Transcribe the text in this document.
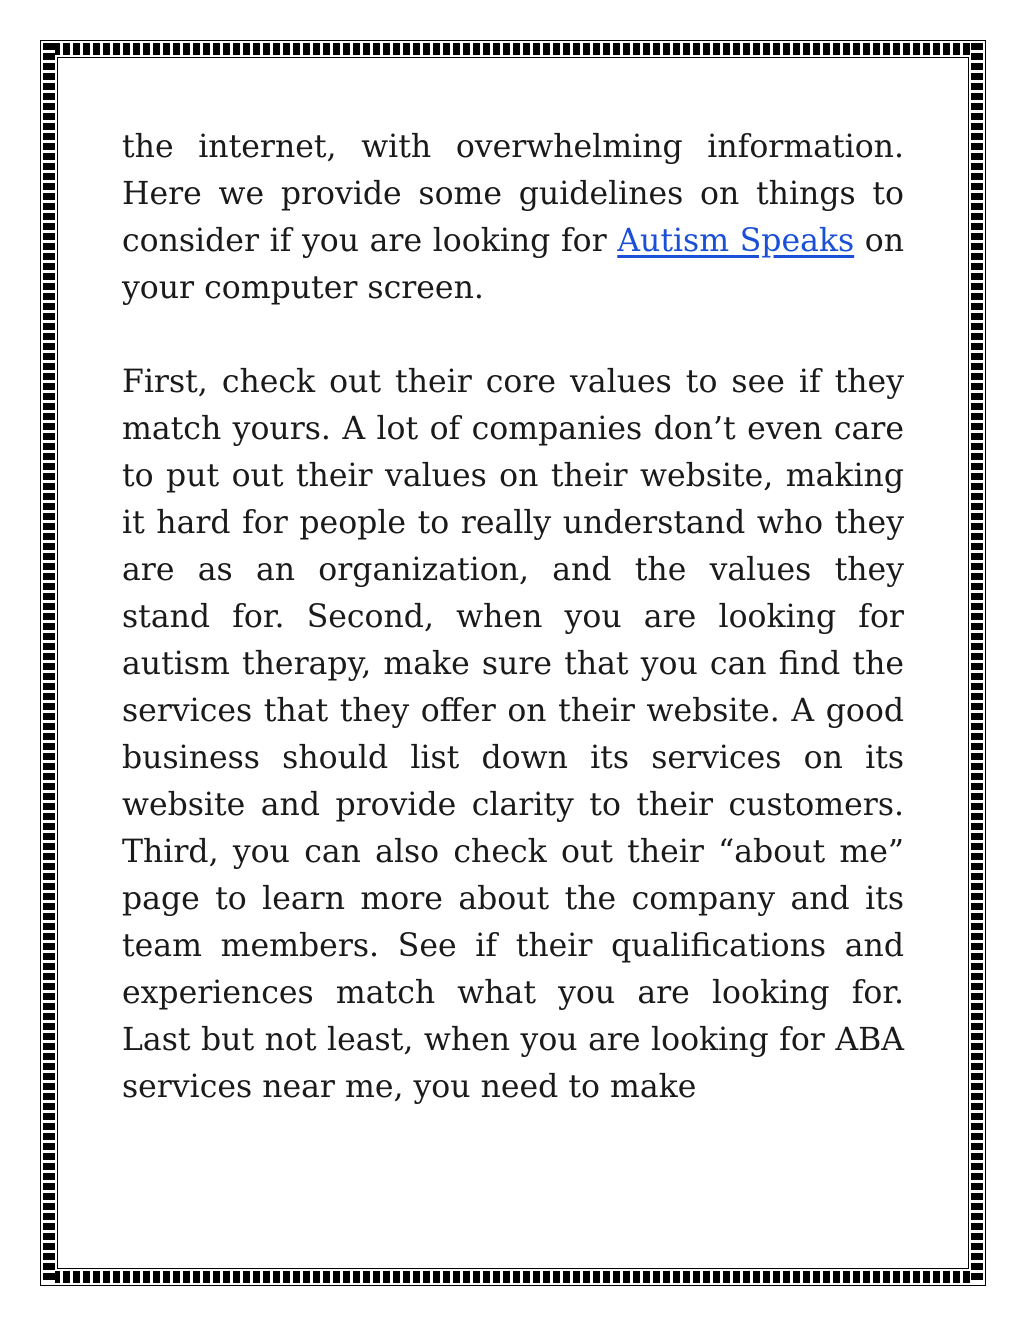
the internet, with overwhelming information. Here we provide some guidelines on things to consider if you are looking for Autism Speaks on your computer screen.

First, check out their core values to see if they match yours. A lot of companies don’t even care to put out their values on their website, making it hard for people to really understand who they are as an organization, and the values they stand for. Second, when you are looking for autism therapy, make sure that you can find the services that they offer on their website. A good business should list down its services on its website and provide clarity to their customers. Third, you can also check out their “about me” page to learn more about the company and its team members. See if their qualifications and experiences match what you are looking for. Last but not least, when you are looking for ABA services near me, you need to make
